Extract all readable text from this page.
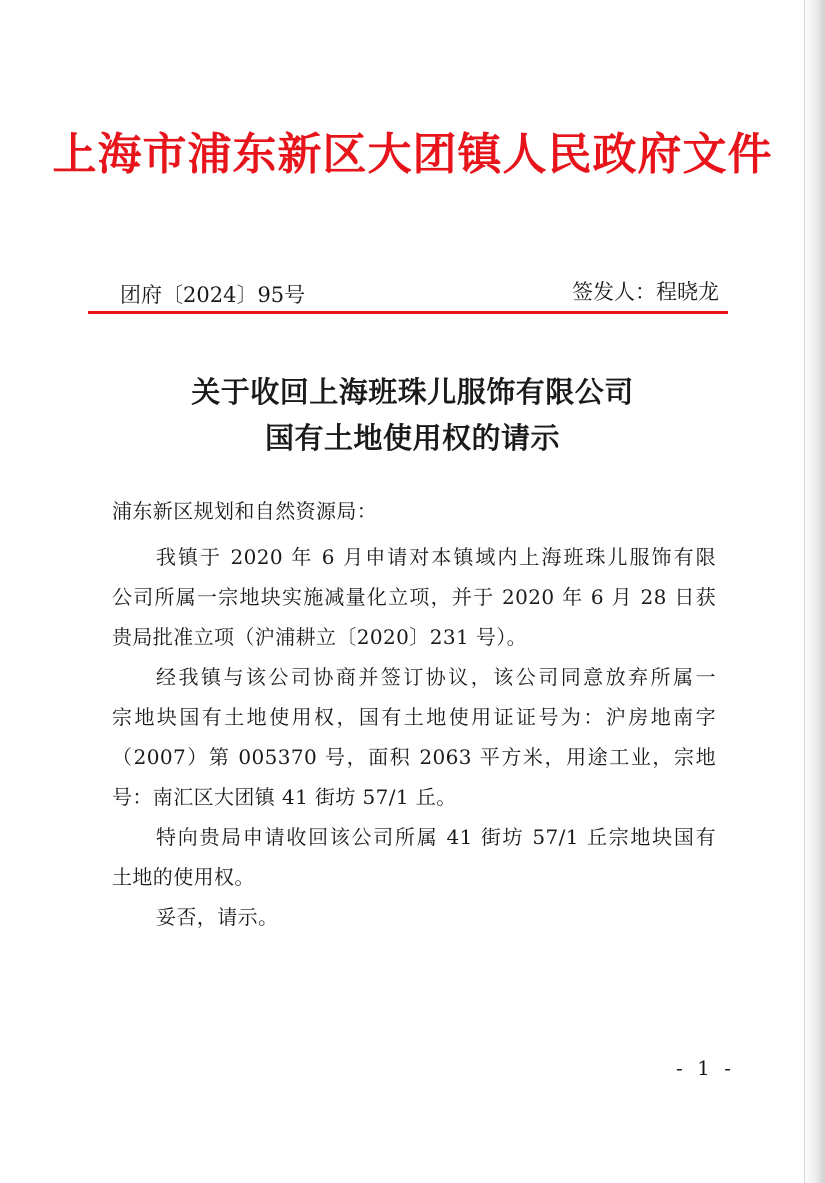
上海市浦东新区大团镇人民政府文件
团府〔2024〕95号	签发人：程晓龙
关于收回上海班珠儿服饰有限公司
国有土地使用权的请示
浦东新区规划和自然资源局：
我镇于 2020 年 6 月申请对本镇域内上海班珠儿服饰有限
公司所属一宗地块实施减量化立项，并于 2020 年 6 月 28 日获
贵局批准立项（沪浦耕立〔2020〕231 号）。
经我镇与该公司协商并签订协议，该公司同意放弃所属一
宗地块国有土地使用权，国有土地使用证证号为：沪房地南字
（2007）第 005370 号，面积 2063 平方米，用途工业，宗地
号：南汇区大团镇 41 街坊 57/1 丘。
特向贵局申请收回该公司所属 41 街坊 57/1 丘宗地块国有
土地的使用权。
妥否，请示。
- 1 -
